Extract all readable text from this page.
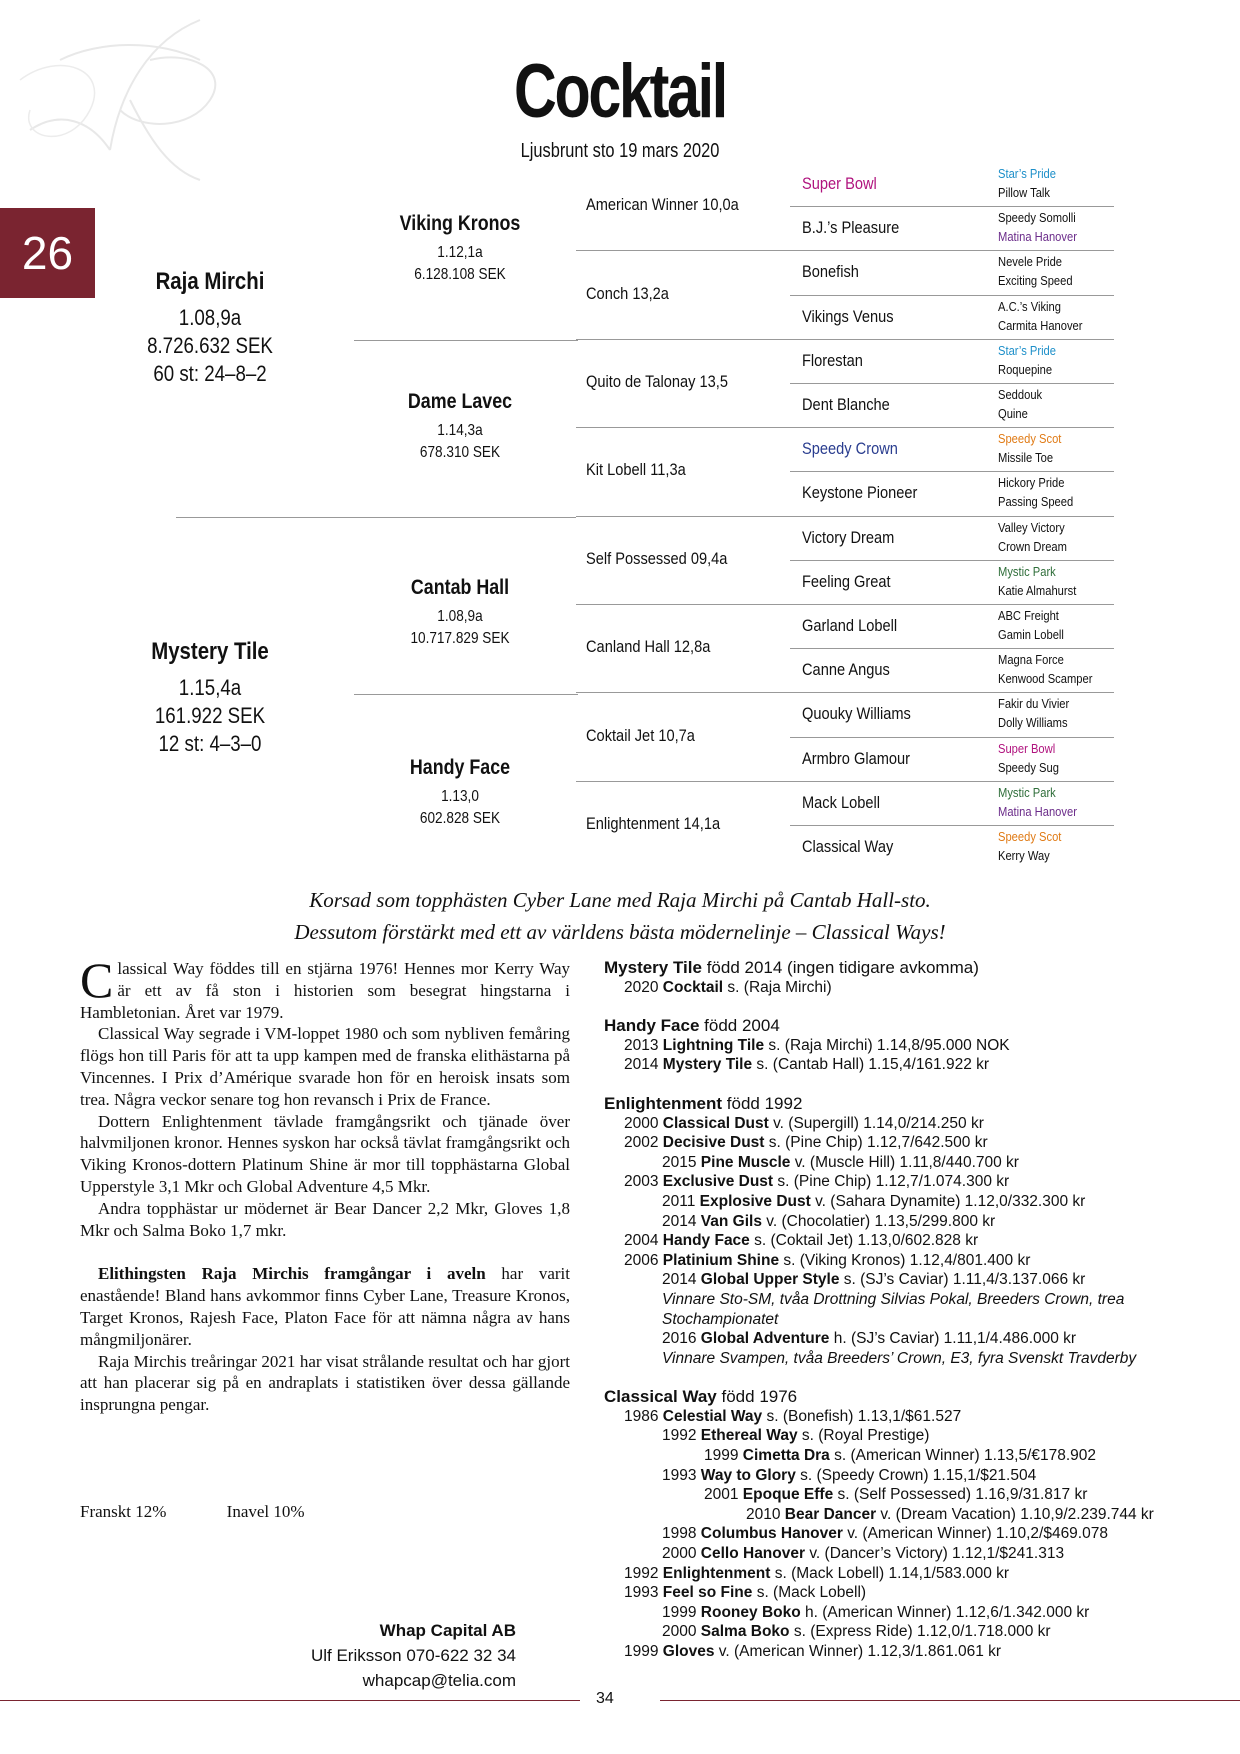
26
Cocktail
Ljusbrunt sto 19 mars 2020
Raja Mirchi
1.08,9a
8.726.632 SEK
60 st: 24–8–2
Mystery Tile
1.15,4a
161.922 SEK
12 st: 4–3–0
Viking Kronos
1.12,1a
6.128.108 SEK
Dame Lavec
1.14,3a
678.310 SEK
Cantab Hall
1.08,9a
10.717.829 SEK
Handy Face
1.13,0
602.828 SEK
American Winner 10,0a
Conch 13,2a
Quito de Talonay 13,5
Kit Lobell 11,3a
Self Possessed 09,4a
Canland Hall 12,8a
Coktail Jet 10,7a
Enlightenment 14,1a
Super Bowl
B.J.’s Pleasure
Bonefish
Vikings Venus
Florestan
Dent Blanche
Speedy Crown
Keystone Pioneer
Victory Dream
Feeling Great
Garland Lobell
Canne Angus
Quouky Williams
Armbro Glamour
Mack Lobell
Classical Way
Star’s Pride
Pillow Talk
Speedy Somolli
Matina Hanover
Nevele Pride
Exciting Speed
A.C.’s Viking
Carmita Hanover
Star’s Pride
Roquepine
Seddouk
Quine
Speedy Scot
Missile Toe
Hickory Pride
Passing Speed
Valley Victory
Crown Dream
Mystic Park
Katie Almahurst
ABC Freight
Gamin Lobell
Magna Force
Kenwood Scamper
Fakir du Vivier
Dolly Williams
Super Bowl
Speedy Sug
Mystic Park
Matina Hanover
Speedy Scot
Kerry Way
Korsad som topphästen Cyber Lane med Raja Mirchi på Cantab Hall-sto.
Dessutom förstärkt med ett av världens bästa mödernelinje – Classical Ways!

Classical Way föddes till en stjärna 1976! Hennes mor Kerry Way är ett av få ston i historien som besegrat hingstarna i Hambletonian. Året var 1979.

Classical Way segrade i VM-loppet 1980 och som nybliven femåring flögs hon till Paris för att ta upp kampen med de franska elithästarna på Vincennes. I Prix d’Amérique svarade hon för en heroisk insats som trea. Några veckor senare tog hon revansch i Prix de France.

Dottern Enlightenment tävlade framgångsrikt och tjänade över halvmiljonen kronor. Hennes syskon har också tävlat framgångsrikt och Viking Kronos-dottern Platinum Shine är mor till topphästarna Global Upperstyle 3,1 Mkr och Global Adventure 4,5 Mkr.

Andra topphästar ur mödernet är Bear Dancer 2,2 Mkr, Gloves 1,8 Mkr och Salma Boko 1,7 mkr.

Elithingsten Raja Mirchis framgångar i aveln har varit enastående! Bland hans avkommor finns Cyber Lane, Treasure Kronos, Target Kronos, Rajesh Face, Platon Face för att nämna några av hans mångmiljonärer.

Raja Mirchis treåringar 2021 har visat strålande resultat och har gjort att han placerar sig på en andraplats i statistiken över dessa gällande insprungna pengar.

Franskt 12%	Inavel 10%
Whap Capital AB
Ulf Eriksson 070-622 32 34
whapcap@telia.com
Mystery Tile född 2014 (ingen tidigare avkomma)
2020 Cocktail s. (Raja Mirchi)
Handy Face född 2004
2013 Lightning Tile s. (Raja Mirchi) 1.14,8/95.000 NOK
2014 Mystery Tile s. (Cantab Hall) 1.15,4/161.922 kr
Enlightenment född 1992
2000 Classical Dust v. (Supergill) 1.14,0/214.250 kr
2002 Decisive Dust s. (Pine Chip) 1.12,7/642.500 kr
2015 Pine Muscle v. (Muscle Hill) 1.11,8/440.700 kr
2003 Exclusive Dust s. (Pine Chip) 1.12,7/1.074.300 kr
2011 Explosive Dust v. (Sahara Dynamite) 1.12,0/332.300 kr
2014 Van Gils v. (Chocolatier) 1.13,5/299.800 kr
2004 Handy Face s. (Coktail Jet) 1.13,0/602.828 kr
2006 Platinium Shine s. (Viking Kronos) 1.12,4/801.400 kr
2014 Global Upper Style s. (SJ’s Caviar) 1.11,4/3.137.066 kr
Vinnare Sto-SM, tvåa Drottning Silvias Pokal, Breeders Crown, trea
Stochampionatet
2016 Global Adventure h. (SJ’s Caviar) 1.11,1/4.486.000 kr
Vinnare Svampen, tvåa Breeders’ Crown, E3, fyra Svenskt Travderby
Classical Way född 1976
1986 Celestial Way s. (Bonefish) 1.13,1/$61.527
1992 Ethereal Way s. (Royal Prestige)
1999 Cimetta Dra s. (American Winner) 1.13,5/€178.902
1993 Way to Glory s. (Speedy Crown) 1.15,1/$21.504
2001 Epoque Effe s. (Self Possessed) 1.16,9/31.817 kr
2010 Bear Dancer v. (Dream Vacation) 1.10,9/2.239.744 kr
1998 Columbus Hanover v. (American Winner) 1.10,2/$469.078
2000 Cello Hanover v. (Dancer’s Victory) 1.12,1/$241.313
1992 Enlightenment s. (Mack Lobell) 1.14,1/583.000 kr
1993 Feel so Fine s. (Mack Lobell)
1999 Rooney Boko h. (American Winner) 1.12,6/1.342.000 kr
2000 Salma Boko s. (Express Ride) 1.12,0/1.718.000 kr
1999 Gloves v. (American Winner) 1.12,3/1.861.061 kr
34
